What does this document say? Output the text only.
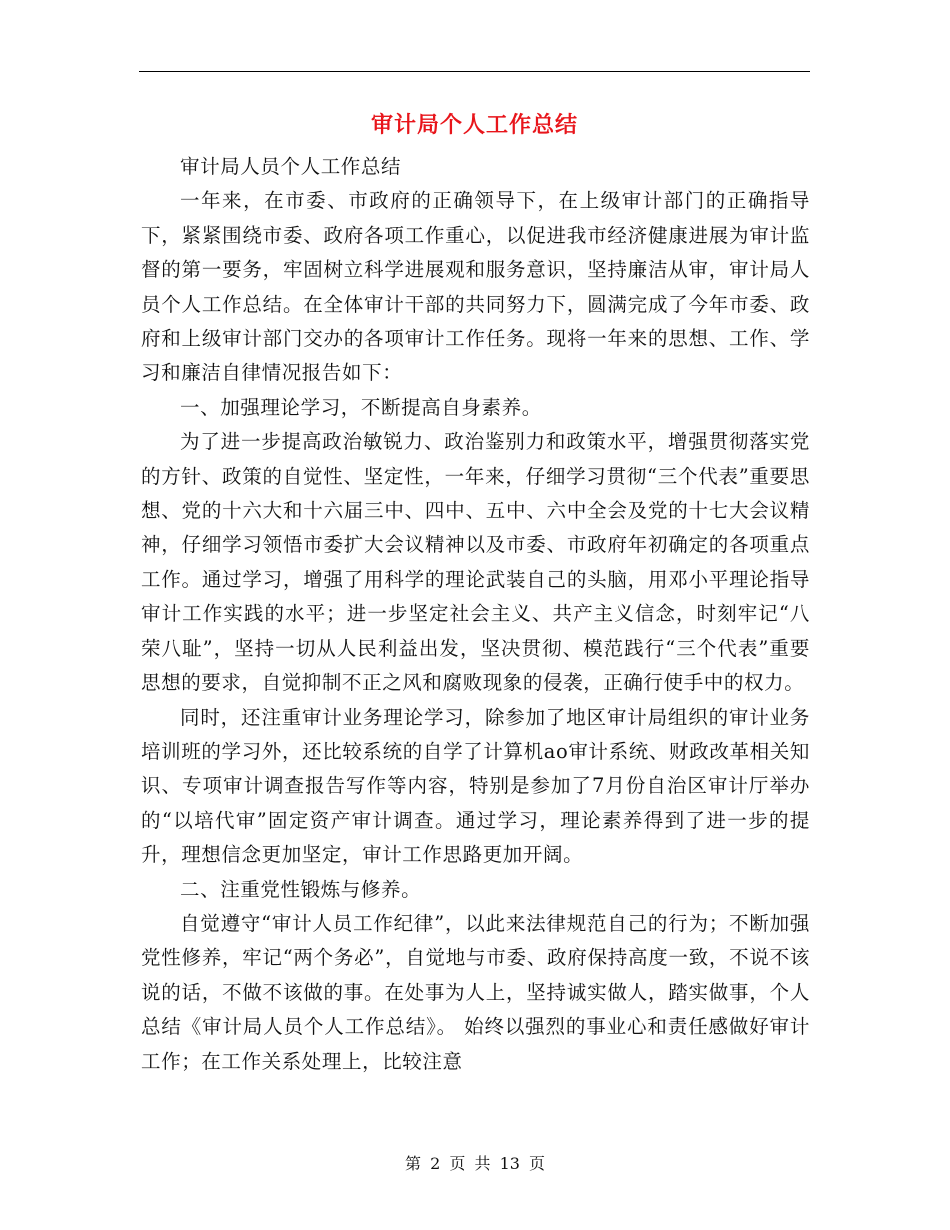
审计局个人工作总结

审计局人员个人工作总结

一年来，在市委、市政府的正确领导下，在上级审计部门的正确指导下，紧紧围绕市委、政府各项工作重心，以促进我市经济健康进展为审计监督的第一要务，牢固树立科学进展观和服务意识，坚持廉洁从审，审计局人员个人工作总结。在全体审计干部的共同努力下，圆满完成了今年市委、政府和上级审计部门交办的各项审计工作任务。现将一年来的思想、工作、学习和廉洁自律情况报告如下：

一、加强理论学习，不断提高自身素养。

为了进一步提高政治敏锐力、政治鉴别力和政策水平，增强贯彻落实党的方针、政策的自觉性、坚定性，一年来，仔细学习贯彻“三个代表”重要思想、党的十六大和十六届三中、四中、五中、六中全会及党的十七大会议精神，仔细学习领悟市委扩大会议精神以及市委、市政府年初确定的各项重点工作。通过学习，增强了用科学的理论武装自己的头脑，用邓小平理论指导审计工作实践的水平；进一步坚定社会主义、共产主义信念，时刻牢记“八荣八耻”，坚持一切从人民利益出发，坚决贯彻、模范践行“三个代表”重要思想的要求，自觉抑制不正之风和腐败现象的侵袭，正确行使手中的权力。

同时，还注重审计业务理论学习，除参加了地区审计局组织的审计业务培训班的学习外，还比较系统的自学了计算机ao审计系统、财政改革相关知识、专项审计调查报告写作等内容，特别是参加了7月份自治区审计厅举办的“以培代审”固定资产审计调查。通过学习，理论素养得到了进一步的提升，理想信念更加坚定，审计工作思路更加开阔。

二、注重党性锻炼与修养。

自觉遵守“审计人员工作纪律”，以此来法律规范自己的行为；不断加强党性修养，牢记“两个务必”，自觉地与市委、政府保持高度一致，不说不该说的话，不做不该做的事。在处事为人上，坚持诚实做人，踏实做事，个人总结《审计局人员个人工作总结》。 始终以强烈的事业心和责任感做好审计工作；在工作关系处理上，比较注意

第 2 页 共 13 页
